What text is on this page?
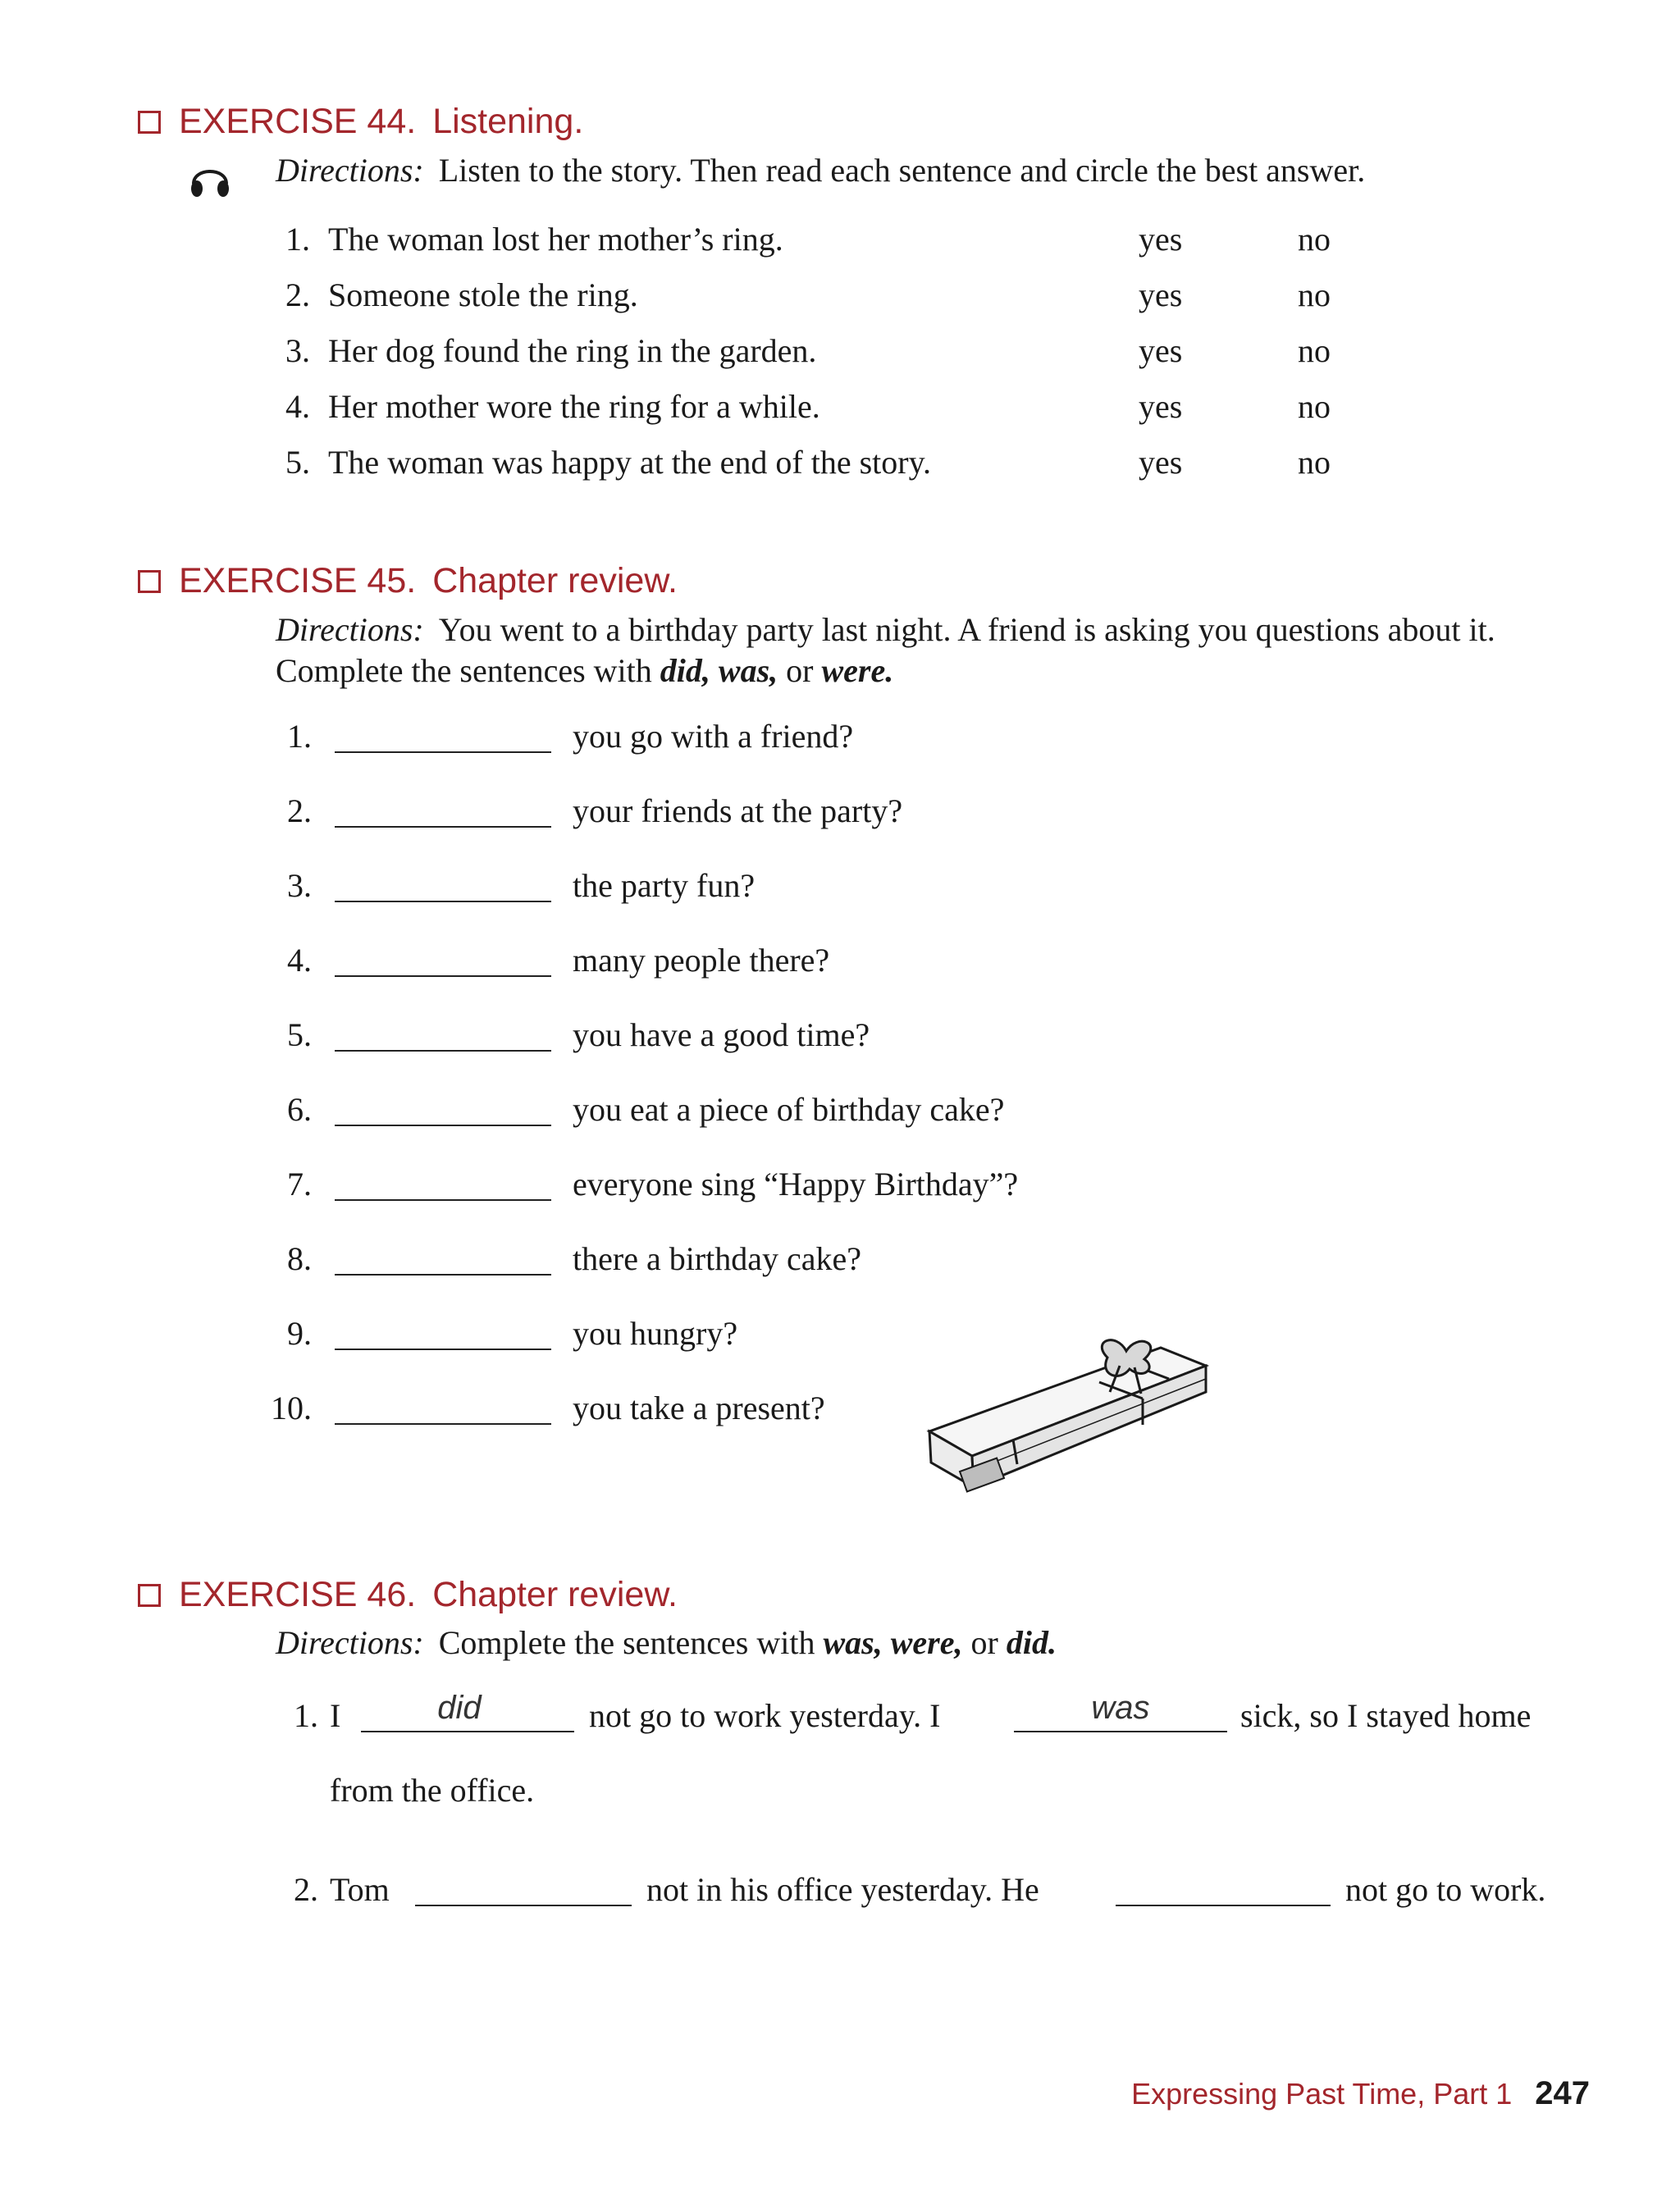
EXERCISE 44. Listening.
Directions: Listen to the story. Then read each sentence and circle the best answer.
1. The woman lost her mother’s ring.	yes	no
2. Someone stole the ring.	yes	no
3. Her dog found the ring in the garden.	yes	no
4. Her mother wore the ring for a while.	yes	no
5. The woman was happy at the end of the story.	yes	no
EXERCISE 45. Chapter review.
Directions: You went to a birthday party last night. A friend is asking you questions about it. Complete the sentences with did, was, or were.
1.	you go with a friend?
2.	your friends at the party?
3.	the party fun?
4.	many people there?
5.	you have a good time?
6.	you eat a piece of birthday cake?
7.	everyone sing “Happy Birthday”?
8.	there a birthday cake?
9.	you hungry?
10.	you take a present?
EXERCISE 46. Chapter review.
Directions: Complete the sentences with was, were, or did.
1. I	did	not go to work yesterday. I	was	sick, so I stayed home
from the office.
2. Tom	not in his office yesterday. He	not go to work.
Expressing Past Time, Part 1 247
